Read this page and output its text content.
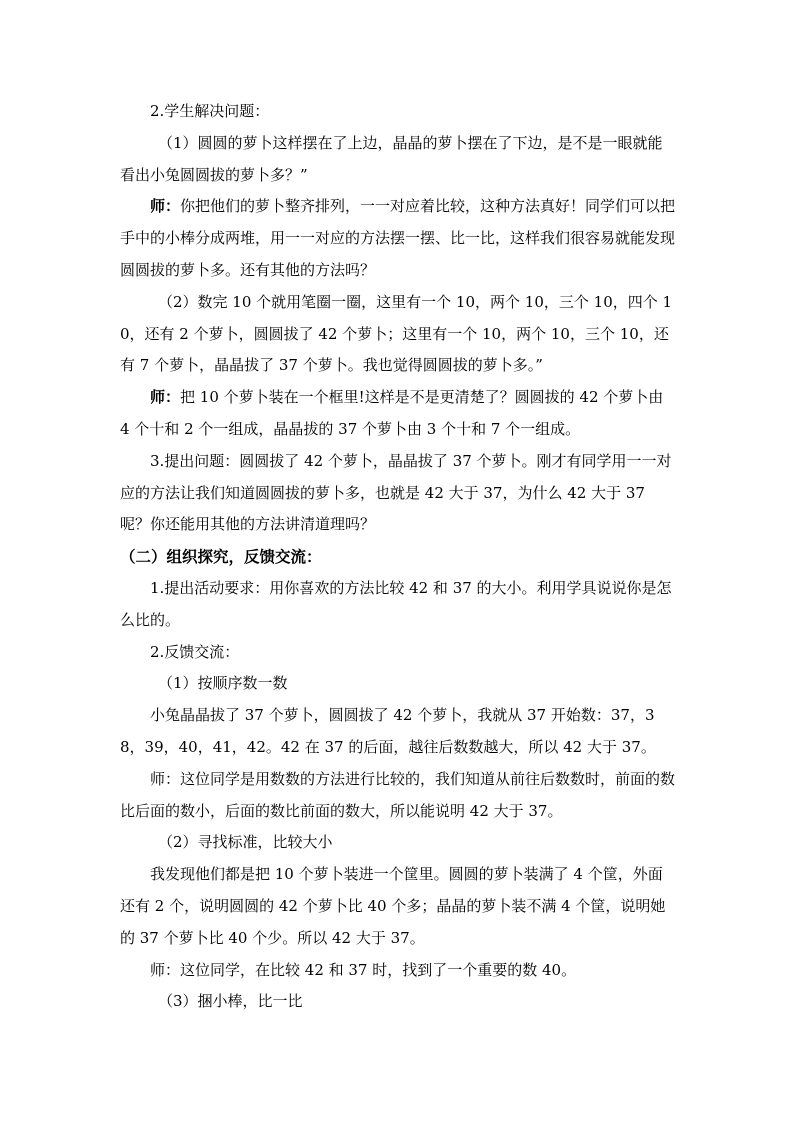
2.学生解决问题：

（1）圆圆的萝卜这样摆在了上边，晶晶的萝卜摆在了下边，是不是一眼就能看出小兔圆圆拔的萝卜多？”

师：你把他们的萝卜整齐排列，一一对应着比较，这种方法真好！同学们可以把手中的小棒分成两堆，用一一对应的方法摆一摆、比一比，这样我们很容易就能发现圆圆拔的萝卜多。还有其他的方法吗？

（2）数完 10 个就用笔圈一圈，这里有一个 10，两个 10，三个 10，四个 10，还有 2 个萝卜，圆圆拔了 42 个萝卜；这里有一个 10，两个 10，三个 10，还有 7 个萝卜，晶晶拔了 37 个萝卜。我也觉得圆圆拔的萝卜多。”

师：把 10 个萝卜装在一个框里!这样是不是更清楚了？圆圆拔的 42 个萝卜由 4 个十和 2 个一组成，晶晶拔的 37 个萝卜由 3 个十和 7 个一组成。

3.提出问题：圆圆拔了 42 个萝卜，晶晶拔了 37 个萝卜。刚才有同学用一一对应的方法让我们知道圆圆拔的萝卜多，也就是 42 大于 37，为什么 42 大于 37 呢？你还能用其他的方法讲清道理吗？

（二）组织探究，反馈交流：

1.提出活动要求：用你喜欢的方法比较 42 和 37 的大小。利用学具说说你是怎么比的。

2.反馈交流：

（1）按顺序数一数

小兔晶晶拔了 37 个萝卜，圆圆拔了 42 个萝卜，我就从 37 开始数：37，38，39，40，41，42。42 在 37 的后面，越往后数数越大，所以 42 大于 37。

师：这位同学是用数数的方法进行比较的，我们知道从前往后数数时，前面的数比后面的数小，后面的数比前面的数大，所以能说明 42 大于 37。

（2）寻找标准，比较大小

我发现他们都是把 10 个萝卜装进一个筐里。圆圆的萝卜装满了 4 个筐，外面还有 2 个，说明圆圆的 42 个萝卜比 40 个多；晶晶的萝卜装不满 4 个筐，说明她的 37 个萝卜比 40 个少。所以 42 大于 37。

师：这位同学，在比较 42 和 37 时，找到了一个重要的数 40。

（3）捆小棒，比一比
